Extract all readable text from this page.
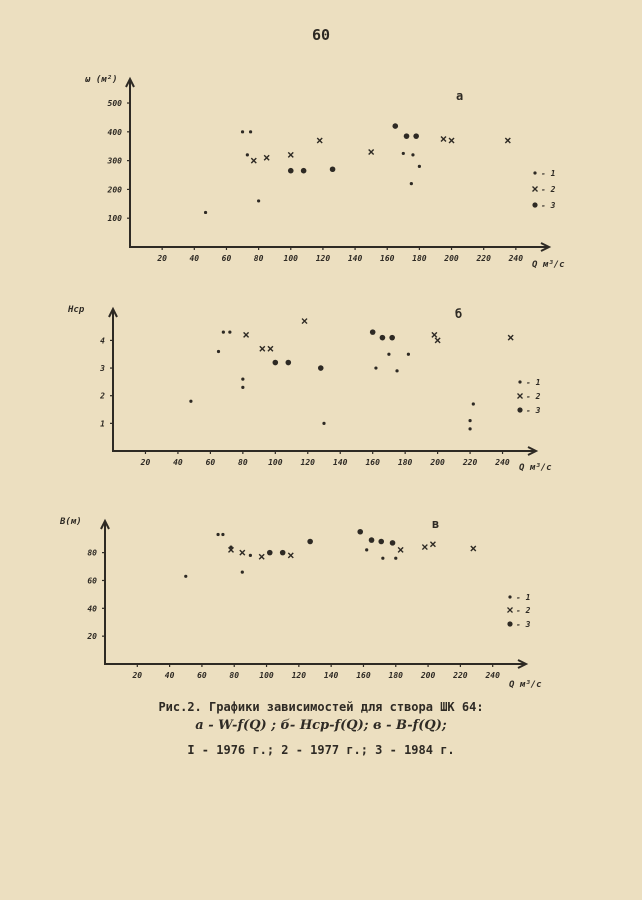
60
100
200
300
400
500
20	40	60	80	100 120 140 160 180 200 220 240
ω (м²)
Q м³/с
а
- 1
- 2
- 3
1
2
3
4
20	40	60	80	100 120 140 160 180 200 220 240
Hср
Q м³/с
б
- 1
- 2
- 3
20
40
60
80
20	40	60	80	100 120 140 160 180 200 220 240
B(м)
Q м³/с
в
- 1
- 2
- 3
Рис.2. Графики зависимостей для створа ШК 64:
а - W-f(Q) ; б- Hср-f(Q); в - B-f(Q);
I - 1976 г.; 2 - 1977 г.; 3 - 1984 г.
